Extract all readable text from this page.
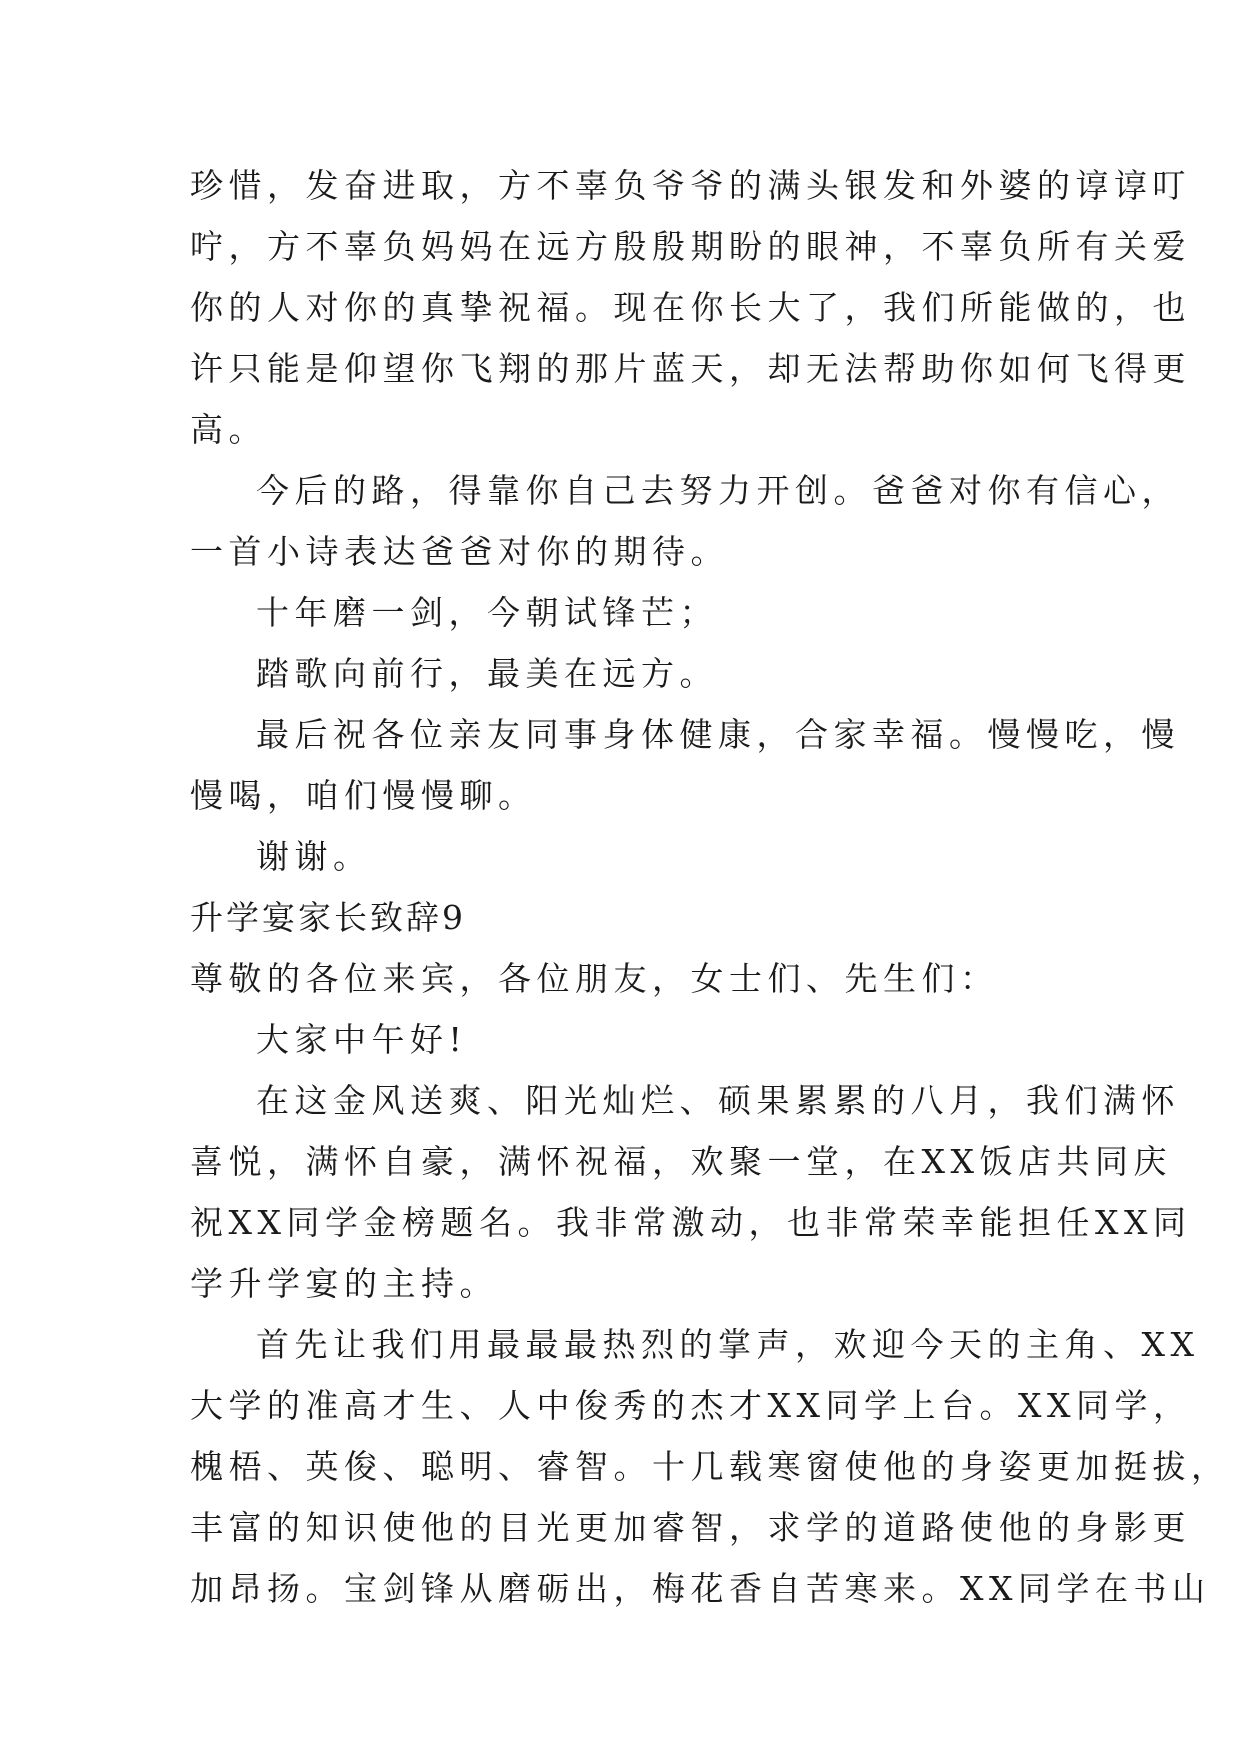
珍惜，发奋进取，方不辜负爷爷的满头银发和外婆的谆谆叮
咛，方不辜负妈妈在远方殷殷期盼的眼神，不辜负所有关爱
你的人对你的真挚祝福。现在你长大了，我们所能做的，也
许只能是仰望你飞翔的那片蓝天，却无法帮助你如何飞得更
高。
今后的路，得靠你自己去努力开创。爸爸对你有信心，
一首小诗表达爸爸对你的期待。
十年磨一剑，今朝试锋芒；
踏歌向前行，最美在远方。
最后祝各位亲友同事身体健康，合家幸福。慢慢吃，慢
慢喝，咱们慢慢聊。
谢谢。
升学宴家长致辞9
尊敬的各位来宾，各位朋友，女士们、先生们：
大家中午好!
在这金风送爽、阳光灿烂、硕果累累的八月，我们满怀
喜悦，满怀自豪，满怀祝福，欢聚一堂，在XX饭店共同庆
祝XX同学金榜题名。我非常激动，也非常荣幸能担任XX同
学升学宴的主持。
首先让我们用最最最热烈的掌声，欢迎今天的主角、XX
大学的准高才生、人中俊秀的杰才XX同学上台。XX同学，
槐梧、英俊、聪明、睿智。十几载寒窗使他的身姿更加挺拔，
丰富的知识使他的目光更加睿智，求学的道路使他的身影更
加昂扬。宝剑锋从磨砺出，梅花香自苦寒来。XX同学在书山
